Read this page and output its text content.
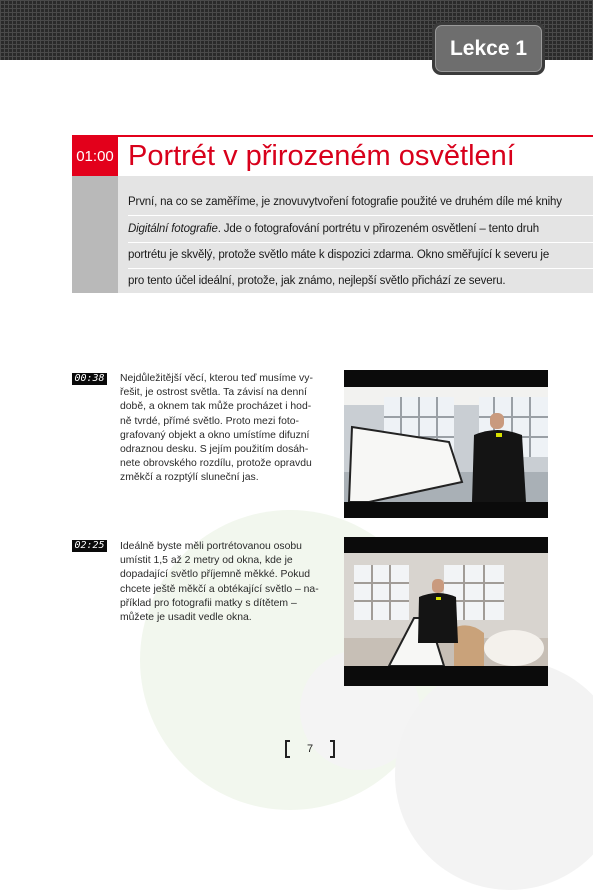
Lekce 1
01:00 Portrét v přirozeném osvětlení
První, na co se zaměříme, je znovuvytvoření fotografie použité ve druhém díle mé knihy
Digitální fotografie. Jde o fotografování portrétu v přirozeném osvětlení – tento druh
portrétu je skvělý, protože světlo máte k dispozici zdarma. Okno směřující k severu je
pro tento účel ideální, protože, jak známo, nejlepší světlo přichází ze severu.
00:38 Nejdůležitější věcí, kterou teď musíme vy-
řešit, je ostrost světla. Ta závisí na denní
době, a oknem tak může procházet i hod-
ně tvrdé, přímé světlo. Proto mezi foto-
grafovaný objekt a okno umístíme difuzní
odraznou desku. S jejím použitím dosáh-
nete obrovského rozdílu, protože opravdu
změkčí a rozptýlí sluneční jas.
02:25 Ideálně byste měli portrétovanou osobu
umístit 1,5 až 2 metry od okna, kde je
dopadající světlo příjemně měkké. Pokud
chcete ještě měkčí a obtékající světlo – na-
příklad pro fotografii matky s dítětem –
můžete je usadit vedle okna.
7
